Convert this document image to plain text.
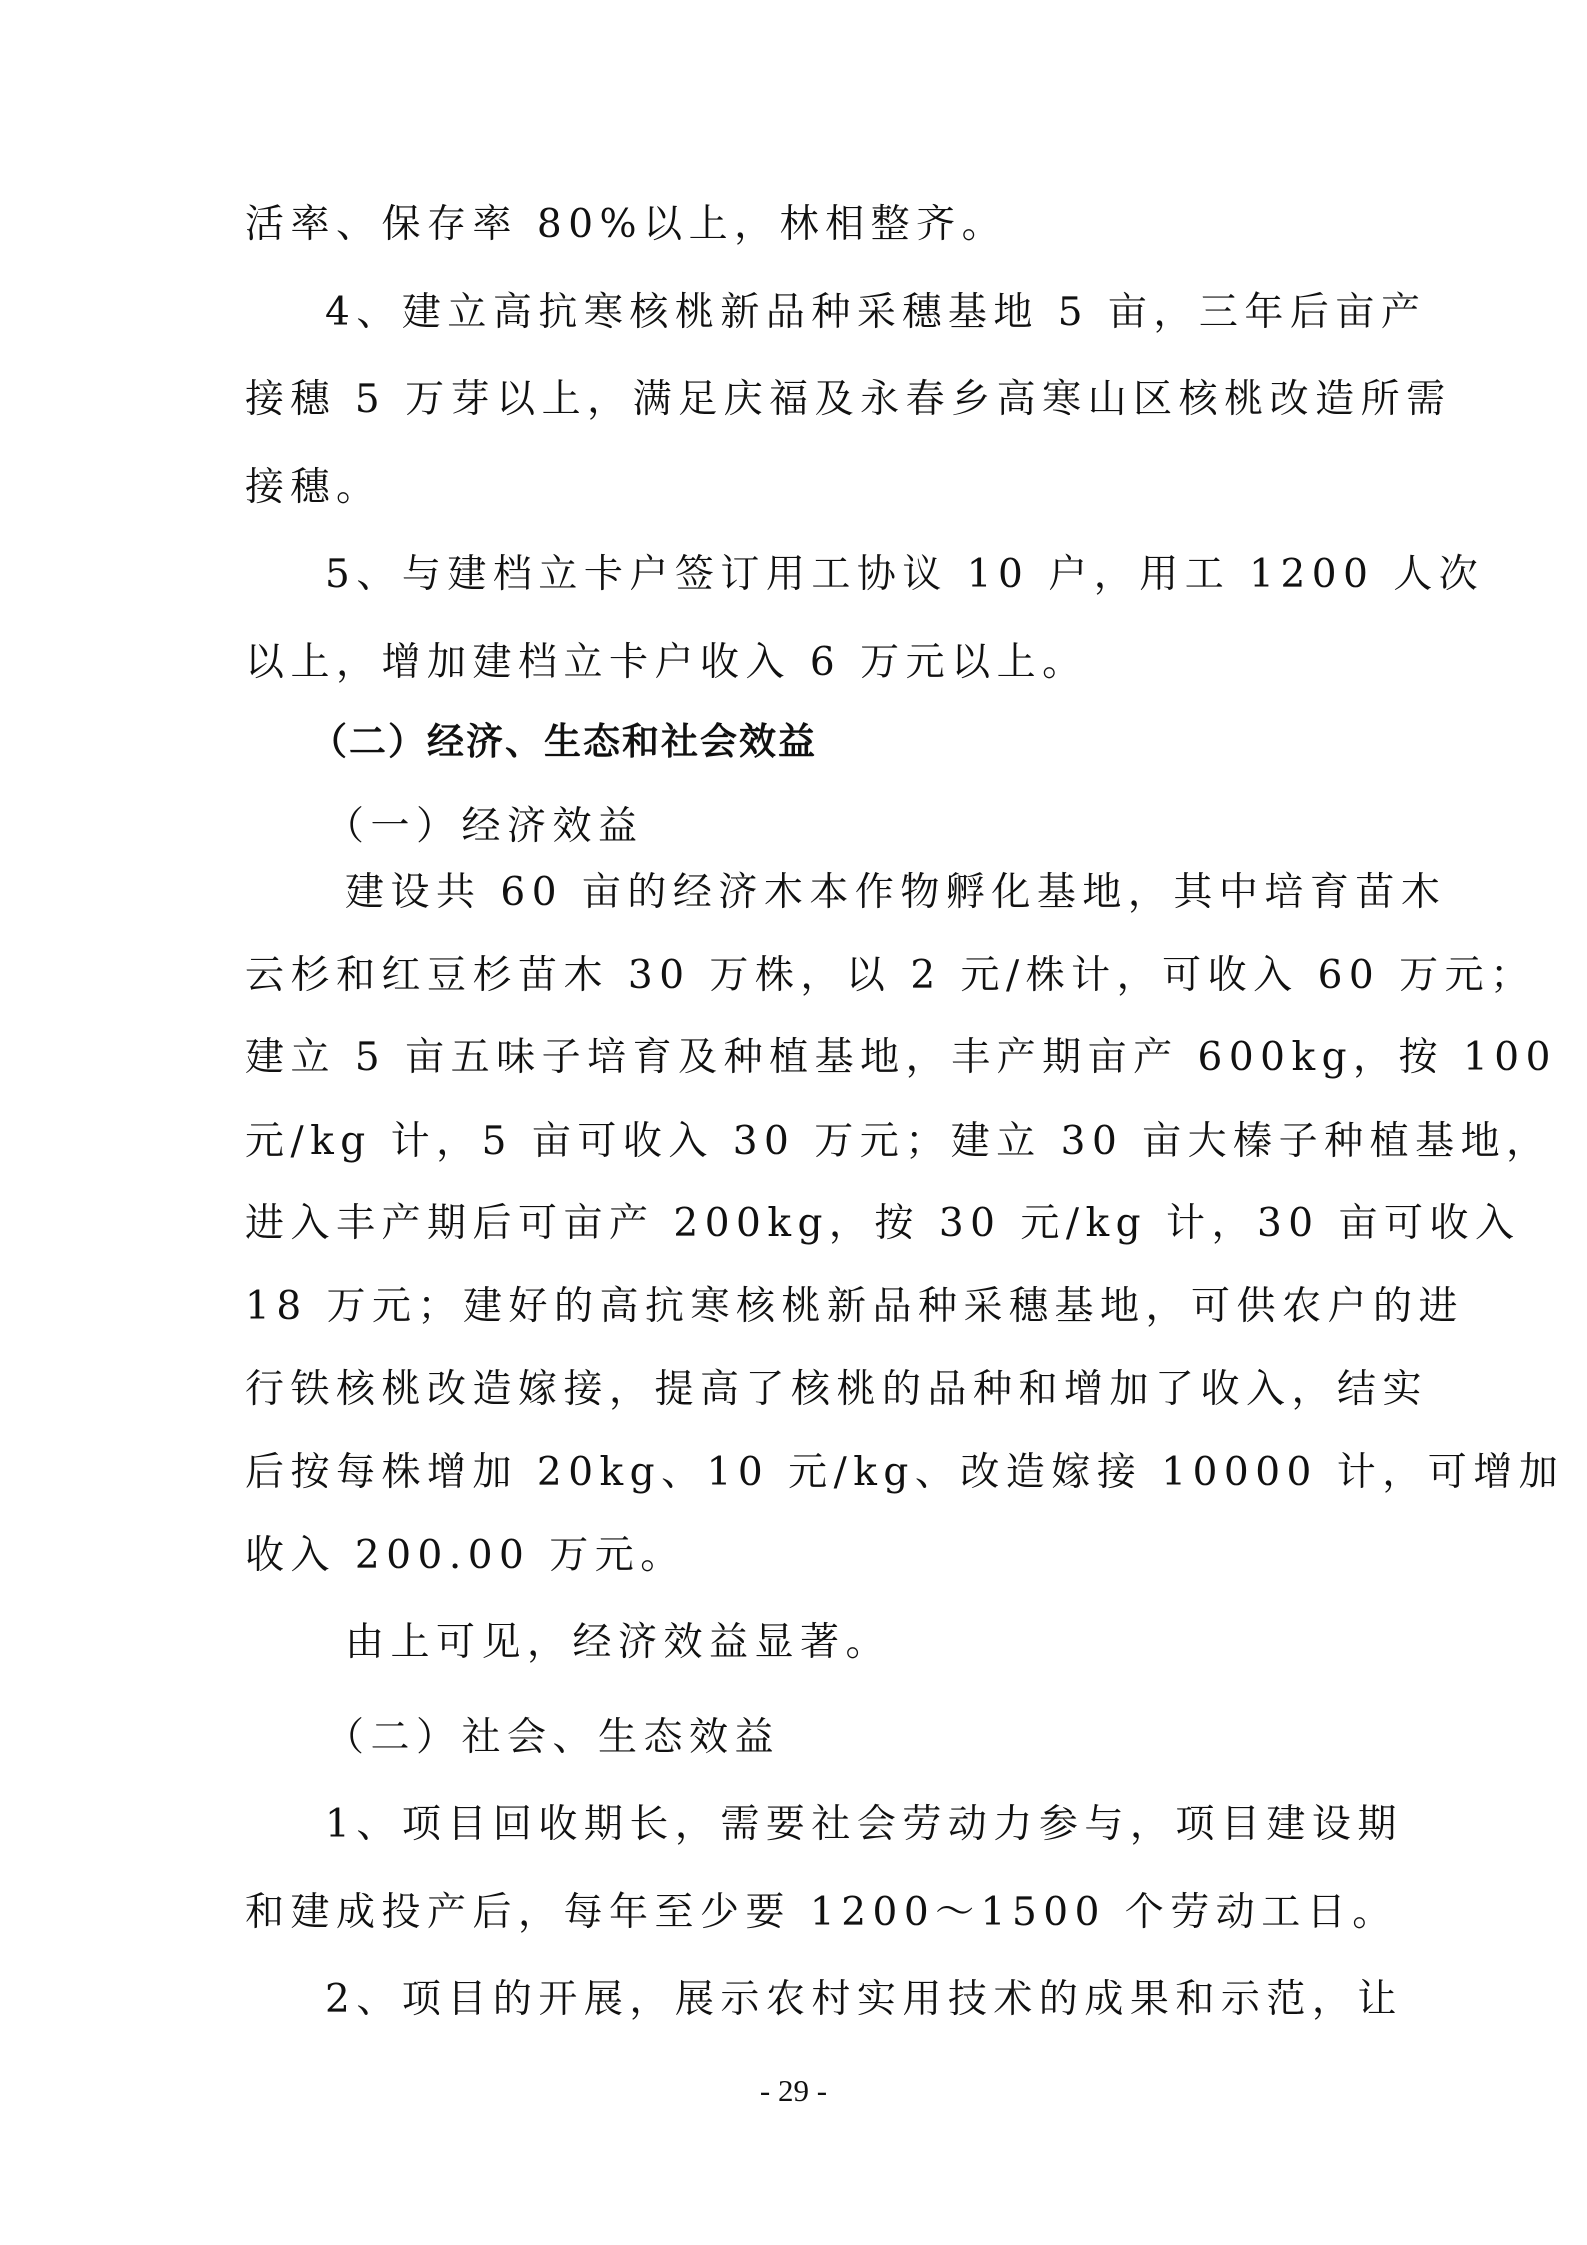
活率、保存率 80%以上，林相整齐。
4、建立高抗寒核桃新品种采穗基地 5 亩，三年后亩产
接穗 5 万芽以上，满足庆福及永春乡高寒山区核桃改造所需
接穗。
5、与建档立卡户签订用工协议 10 户，用工 1200 人次
以上，增加建档立卡户收入 6 万元以上。
（二）经济、生态和社会效益
（一）经济效益
建设共 60 亩的经济木本作物孵化基地，其中培育苗木
云杉和红豆杉苗木 30 万株，以 2 元/株计，可收入 60 万元；
建立 5 亩五味子培育及种植基地，丰产期亩产 600kg，按 100
元/kg 计，5 亩可收入 30 万元；建立 30 亩大榛子种植基地，
进入丰产期后可亩产 200kg，按 30 元/kg 计，30 亩可收入
18 万元；建好的高抗寒核桃新品种采穗基地，可供农户的进
行铁核桃改造嫁接，提高了核桃的品种和增加了收入，结实
后按每株增加 20kg、10 元/kg、改造嫁接 10000 计，可增加
收入 200.00 万元。
由上可见，经济效益显著。
（二）社会、生态效益
1、项目回收期长，需要社会劳动力参与，项目建设期
和建成投产后，每年至少要 1200～1500 个劳动工日。
2、项目的开展，展示农村实用技术的成果和示范，让
- 29 -
